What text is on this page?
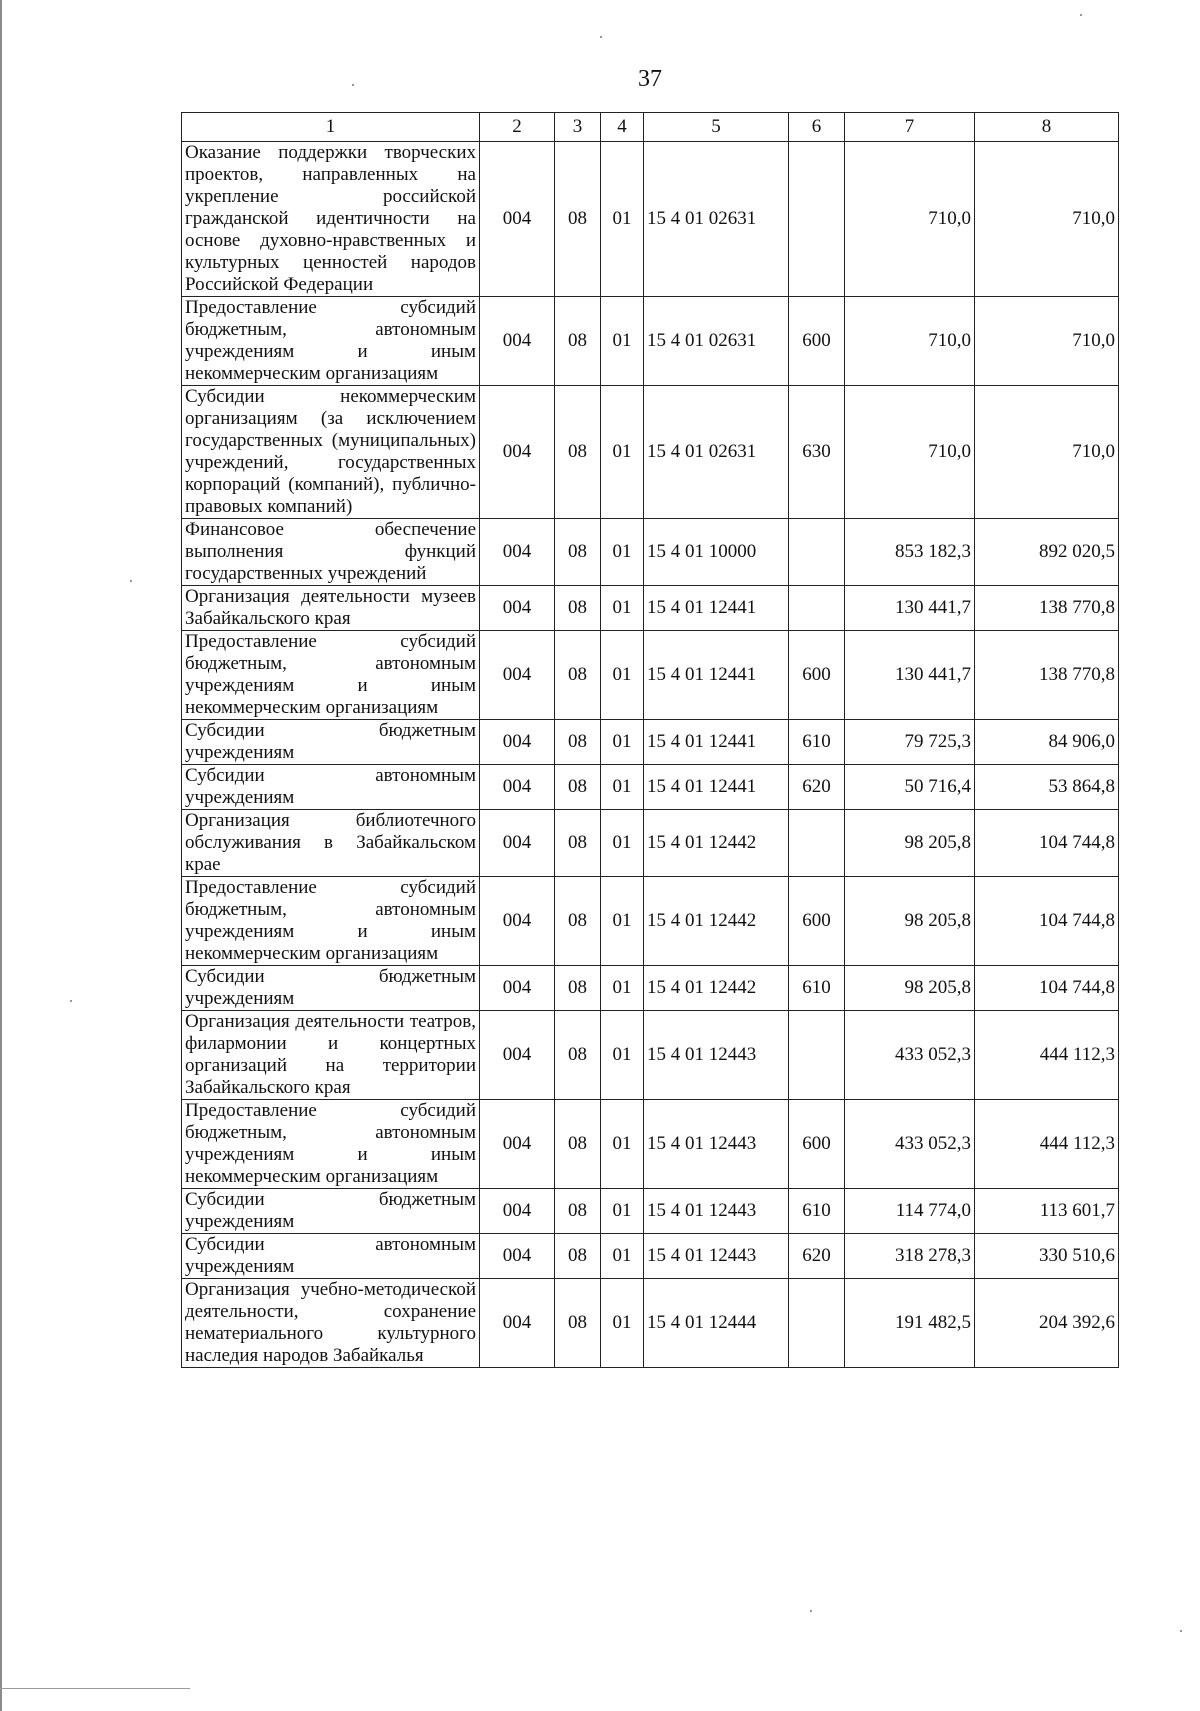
37
1	2	3	4	5	6	7	8
Оказание поддержки творческих проектов, направленных на укрепление российской гражданской идентичности на основе духовно-нравственных и культурных ценностей народов Российской Федерации	004	08	01	15 4 01 02631		710,0	710,0
Предоставление субсидий бюджетным, автономным учреждениям и иным некоммерческим организациям	004	08	01	15 4 01 02631	600	710,0	710,0
Субсидии некоммерческим организациям (за исключением государственных (муниципальных) учреждений, государственных корпораций (компаний), публично-правовых компаний)	004	08	01	15 4 01 02631	630	710,0	710,0
Финансовое обеспечение выполнения функций государственных учреждений	004	08	01	15 4 01 10000		853 182,3	892 020,5
Организация деятельности музеев Забайкальского края	004	08	01	15 4 01 12441		130 441,7	138 770,8
Предоставление субсидий бюджетным, автономным учреждениям и иным некоммерческим организациям	004	08	01	15 4 01 12441	600	130 441,7	138 770,8
Субсидии бюджетным учреждениям	004	08	01	15 4 01 12441	610	79 725,3	84 906,0
Субсидии автономным учреждениям	004	08	01	15 4 01 12441	620	50 716,4	53 864,8
Организация библиотечного обслуживания в Забайкальском крае	004	08	01	15 4 01 12442		98 205,8	104 744,8
Предоставление субсидий бюджетным, автономным учреждениям и иным некоммерческим организациям	004	08	01	15 4 01 12442	600	98 205,8	104 744,8
Субсидии бюджетным учреждениям	004	08	01	15 4 01 12442	610	98 205,8	104 744,8
Организация деятельности театров, филармонии и концертных организаций на территории Забайкальского края	004	08	01	15 4 01 12443		433 052,3	444 112,3
Предоставление субсидий бюджетным, автономным учреждениям и иным некоммерческим организациям	004	08	01	15 4 01 12443	600	433 052,3	444 112,3
Субсидии бюджетным учреждениям	004	08	01	15 4 01 12443	610	114 774,0	113 601,7
Субсидии автономным учреждениям	004	08	01	15 4 01 12443	620	318 278,3	330 510,6
Организация учебно-методической деятельности, сохранение нематериального культурного наследия народов Забайкалья	004	08	01	15 4 01 12444		191 482,5	204 392,6
